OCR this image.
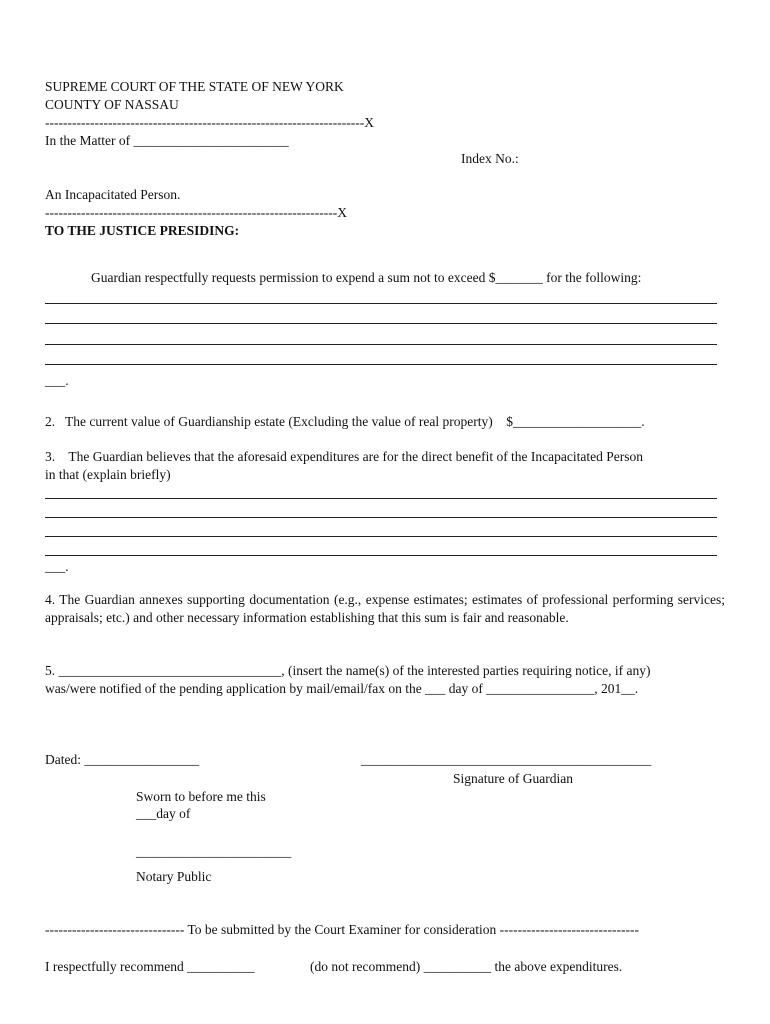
SUPREME COURT OF THE STATE OF NEW YORK
COUNTY OF NASSAU
-----------------------------------------------------------------------X
In the Matter of _______________________
Index No.:
An Incapacitated Person.
-----------------------------------------------------------------X
TO THE JUSTICE PRESIDING:
Guardian respectfully requests permission to expend a sum not to exceed $_______ for the following:
___.
2.   The current value of Guardianship estate (Excluding the value of real property)    $___________________.
3.    The Guardian believes that the aforesaid expenditures are for the direct benefit of the Incapacitated Person
in that (explain briefly)
___.
4. The Guardian annexes supporting documentation (e.g., expense estimates; estimates of professional performing services; appraisals; etc.) and other necessary information establishing that this sum is fair and reasonable.
5. _________________________________, (insert the name(s) of the interested parties requiring notice, if any)
was/were notified of the pending application by mail/email/fax on the ___ day of ________________, 201__.
Dated: _________________	___________________________________________
Signature of Guardian
Sworn to before me this
___day of
_______________________
Notary Public
------------------------------- To be submitted by the Court Examiner for consideration -------------------------------
I respectfully recommend __________	(do not recommend) __________ the above expenditures.
